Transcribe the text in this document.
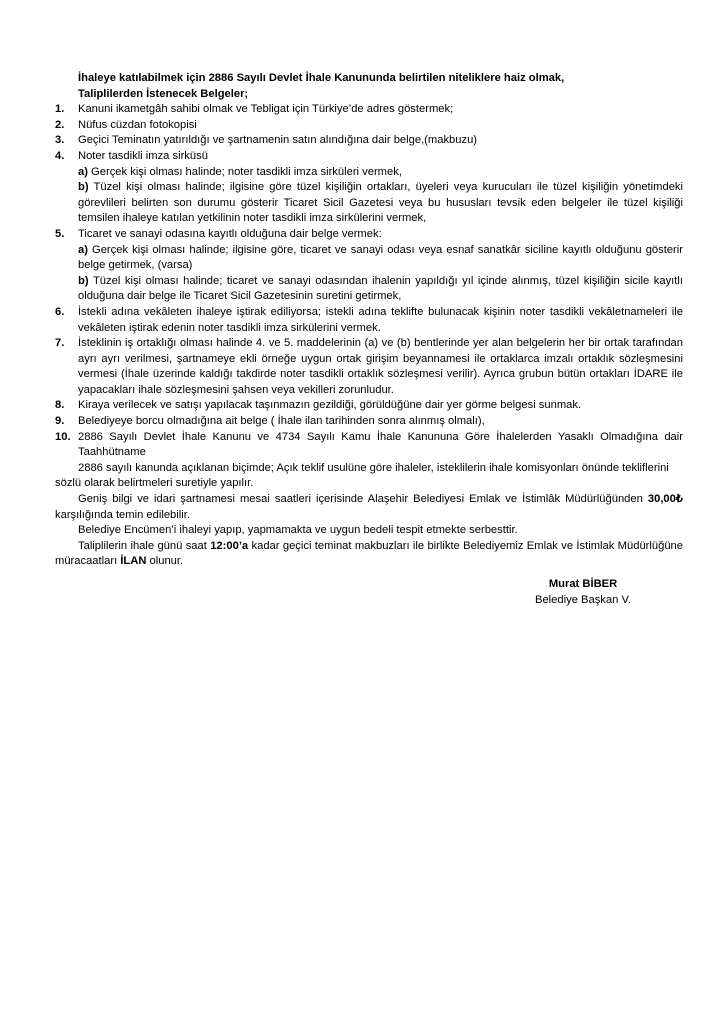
İhaleye katılabilmek için 2886 Sayılı Devlet İhale Kanununda belirtilen niteliklere haiz olmak,
Taliplilerden İstenecek Belgeler;
1. Kanuni ikametgâh sahibi olmak ve Tebligat için Türkiye’de adres göstermek;
2. Nüfus cüzdan fotokopisi
3. Geçici Teminatın yatırıldığı ve şartnamenin satın alındığına dair belge,(makbuzu)
4. Noter tasdikli imza sirküsü
a) Gerçek kişi olması halinde; noter tasdikli imza sirküleri vermek,
b) Tüzel kişi olması halinde; ilgisine göre tüzel kişiliğin ortakları, üyeleri veya kurucuları ile tüzel kişiliğin yönetimdeki görevlileri belirten son durumu gösterir Ticaret Sicil Gazetesi veya bu hususları tevsik eden belgeler ile tüzel kişiliği temsilen ihaleye katılan yetkilinin noter tasdikli imza sirkülerini vermek,
5. Ticaret ve sanayi odasına kayıtlı olduğuna dair belge vermek:
a) Gerçek kişi olması halinde; ilgisine göre, ticaret ve sanayi odası veya esnaf sanatkâr siciline kayıtlı olduğunu gösterir belge getirmek, (varsa)
b) Tüzel kişi olması halinde; ticaret ve sanayi odasından ihalenin yapıldığı yıl içinde alınmış, tüzel kişiliğin sicile kayıtlı olduğuna dair belge ile Ticaret Sicil Gazetesinin suretini getirmek,
6. İstekli adına vekâleten ihaleye iştirak ediliyorsa; istekli adına teklifte bulunacak kişinin noter tasdikli vekâletnameleri ile vekâleten iştirak edenin noter tasdikli imza sirkülerini vermek.
7. İsteklinin iş ortaklığı olması halinde 4. ve 5. maddelerinin (a) ve (b) bentlerinde yer alan belgelerin her bir ortak tarafından ayrı ayrı verilmesi, şartnameye ekli örneğe uygun ortak girişim beyannamesi ile ortaklarca imzalı ortaklık sözleşmesini vermesi (İhale üzerinde kaldığı takdirde noter tasdikli ortaklık sözleşmesi verilir). Ayrıca grubun bütün ortakları İDARE ile yapacakları ihale sözleşmesini şahsen veya vekilleri zorunludur.
8. Kiraya verilecek ve satışı yapılacak taşınmazın gezildiği, görüldüğüne dair yer görme belgesi sunmak.
9. Belediyeye borcu olmadığına ait belge ( İhale ilan tarihinden sonra alınmış olmalı),
10. 2886 Sayılı Devlet İhale Kanunu ve 4734 Sayılı Kamu İhale Kanununa Göre İhalelerden Yasaklı Olmadığına dair Taahhütname
2886 sayılı kanunda açıklanan biçimde; Açık teklif usulüne göre ihaleler, isteklilerin ihale komisyonları önünde tekliflerini
sözlü olarak belirtmeleri suretiyle yapılır.
Geniş bilgi ve idari şartnamesi mesai saatleri içerisinde Alaşehir Belediyesi Emlak ve İstimlâk Müdürlüğünden 30,00₺ karşılığında temin edilebilir.
Belediye Encümen’i ihaleyi yapıp, yapmamakta ve uygun bedeli tespit etmekte serbesttir.
Taliplilerin ihale günü saat 12:00’a kadar geçici teminat makbuzları ile birlikte Belediyemiz Emlak ve İstimlak Müdürlüğüne müracaatları İLAN olunur.
Murat BİBER
Belediye Başkan V.
